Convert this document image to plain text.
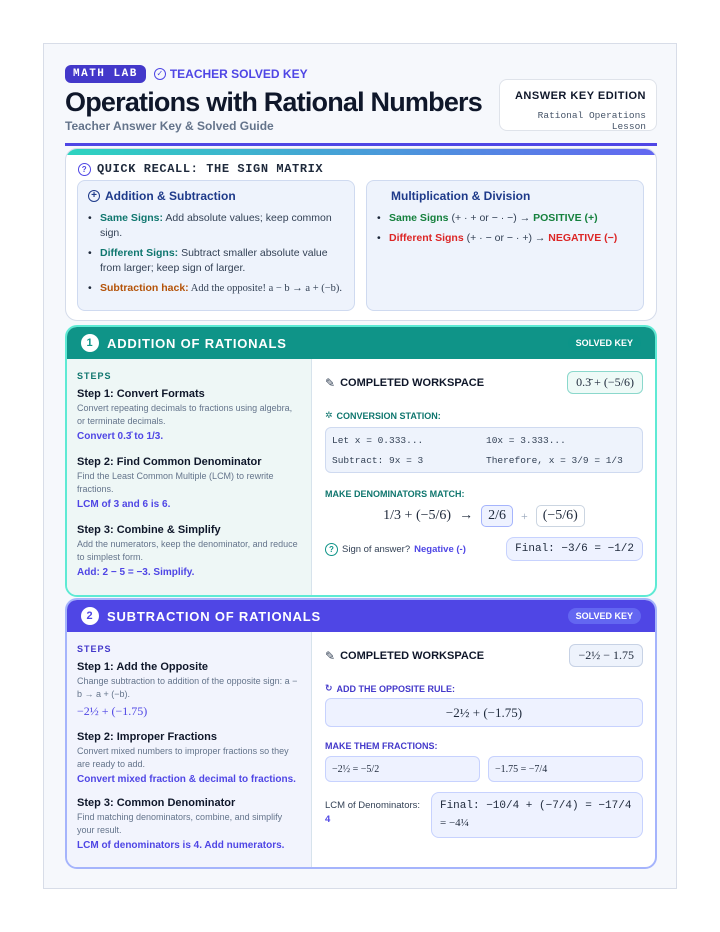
MATH LAB	✓ TEACHER SOLVED KEY
Operations with Rational Numbers
Teacher Answer Key & Solved Guide
ANSWER KEY EDITION
Rational Operations Lesson
? QUICK RECALL: THE SIGN MATRIX
+ Addition & Subtraction
• Same Signs: Add absolute values; keep common sign.
• Different Signs: Subtract smaller absolute value from larger; keep sign of larger.
• Subtraction hack: Add the opposite! a − b → a + (−b).
Multiplication & Division
• Same Signs (+ · + or − · −) → POSITIVE (+)
• Different Signs (+ · − or − · +) → NEGATIVE (−)
1	ADDITION OF RATIONALS	SOLVED KEY
STEPS
Step 1: Convert Formats
Convert repeating decimals to fractions using algebra, or terminate decimals.
Convert 0.3̄ to 1/3.
Step 2: Find Common Denominator
Find the Least Common Multiple (LCM) to rewrite fractions.
LCM of 3 and 6 is 6.
Step 3: Combine & Simplify
Add the numerators, keep the denominator, and reduce to simplest form.
Add: 2 − 5 = −3. Simplify.
✎ COMPLETED WORKSPACE	0.3̄ + (−5/6)
✲ CONVERSION STATION:
Let x = 0.333...	10x = 3.333...
Subtract: 9x = 3	Therefore, x = 3/9 = 1/3
MAKE DENOMINATORS MATCH:
1/3 + (−5/6) →	2/6	+	(−5/6)
? Sign of answer? Negative (-)	Final: −3/6 = −1/2
2	SUBTRACTION OF RATIONALS	SOLVED KEY
STEPS
Step 1: Add the Opposite
Change subtraction to addition of the opposite sign: a − b → a + (−b).
−2½ + (−1.75)
Step 2: Improper Fractions
Convert mixed numbers to improper fractions so they are ready to add.
Convert mixed fraction & decimal to fractions.
Step 3: Common Denominator
Find matching denominators, combine, and simplify your result.
LCM of denominators is 4. Add numerators.
✎ COMPLETED WORKSPACE	−2½ − 1.75
↻ ADD THE OPPOSITE RULE:
−2½ + (−1.75)
MAKE THEM FRACTIONS:
−2½ = −5/2	−1.75 = −7/4
LCM of Denominators:
4
Final: −10/4 + (−7/4) = −17/4
= −4¼
